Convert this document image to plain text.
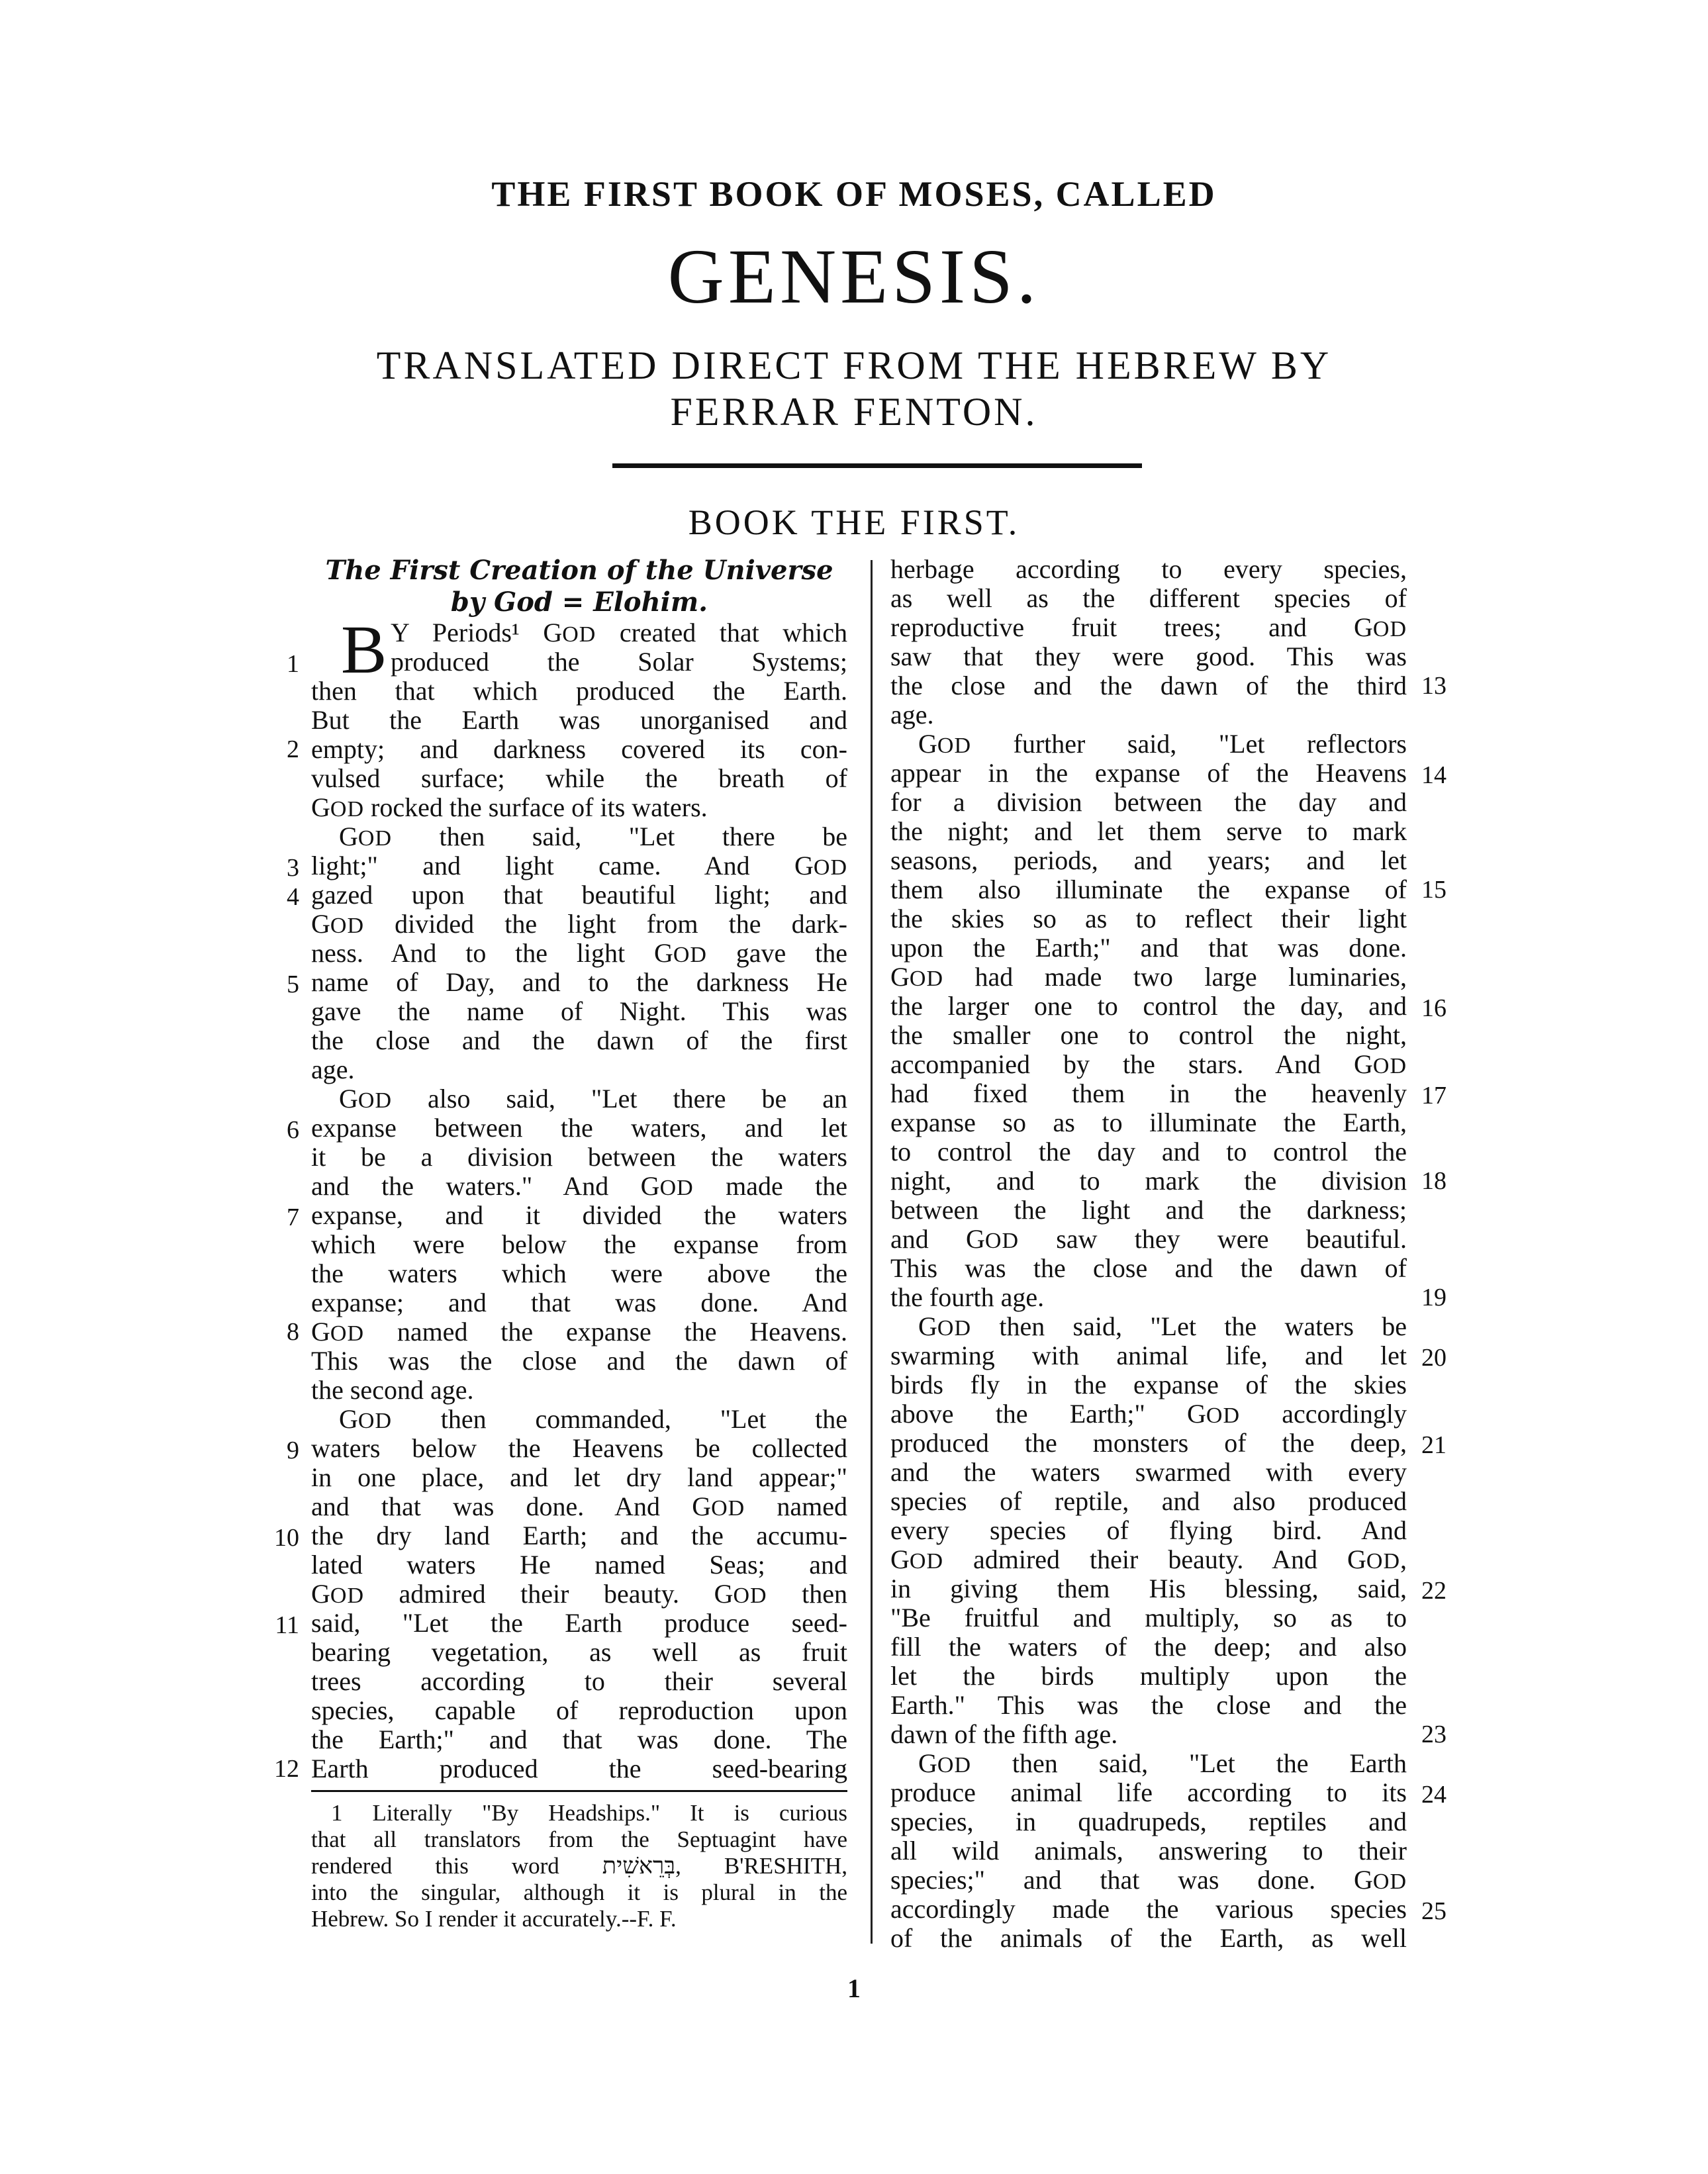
THE FIRST BOOK OF MOSES, CALLED
GENESIS.
TRANSLATED DIRECT FROM THE HEBREW BY
FERRAR FENTON.
BOOK THE FIRST.
The First Creation of the Universe
by God = Elohim.
Y Periods¹ GOD created that which
1	produced the Solar Systems;
then that which produced the Earth.
But the Earth was unorganised and
2 empty; and darkness covered its con-
vulsed surface; while the breath of
GOD rocked the surface of its waters.
GOD then said, "Let there be
3 light;" and light came. And GOD
4 gazed upon that beautiful light; and
GOD divided the light from the dark-
ness. And to the light GOD gave the
5 name of Day, and to the darkness He
gave the name of Night. This was
the close and the dawn of the first
age.
GOD also said, "Let there be an
6 expanse between the waters, and let
it be a division between the waters
and the waters." And GOD made the
7 expanse, and it divided the waters
which were below the expanse from
the waters which were above the
expanse; and that was done. And
8 GOD named the expanse the Heavens.
This was the close and the dawn of
the second age.
GOD then commanded, "Let the
9 waters below the Heavens be collected
in one place, and let dry land appear;"
and that was done. And GOD named
10 the dry land Earth; and the accumu-
lated waters He named Seas; and
GOD admired their beauty. GOD then
11 said, "Let the Earth produce seed-
bearing vegetation, as well as fruit
trees according to their several
species, capable of reproduction upon
the Earth;" and that was done. The
12 Earth produced the seed-bearing
B
1 Literally "By Headships." It is curious
that all translators from the Septuagint have
rendered this word בְּרֵאשִׁית, B'RESHITH,
into the singular, although it is plural in the
Hebrew. So I render it accurately.--F. F.
herbage according to every species,
as well as the different species of
reproductive fruit trees; and GOD
saw that they were good. This was
13
the close and the dawn of the third
age.
GOD further said, "Let reflectors
14
appear in the expanse of the Heavens
for a division between the day and
the night; and let them serve to mark
seasons, periods, and years; and let
15
them also illuminate the expanse of
the skies so as to reflect their light
upon the Earth;" and that was done.
GOD had made two large luminaries,
16
the larger one to control the day, and
the smaller one to control the night,
accompanied by the stars. And GOD
17
had fixed them in the heavenly
expanse so as to illuminate the Earth,
to control the day and to control the
18
night, and to mark the division
between the light and the darkness;
and GOD saw they were beautiful.
This was the close and the dawn of
19
the fourth age.
GOD then said, "Let the waters be
20
swarming with animal life, and let
birds fly in the expanse of the skies
above the Earth;" GOD accordingly
21
produced the monsters of the deep,
and the waters swarmed with every
species of reptile, and also produced
every species of flying bird. And
GOD admired their beauty. And GOD,
22
in giving them His blessing, said,
"Be fruitful and multiply, so as to
fill the waters of the deep; and also
let the birds multiply upon the
Earth." This was the close and the
23
dawn of the fifth age.
GOD then said, "Let the Earth
24
produce animal life according to its
species, in quadrupeds, reptiles and
all wild animals, answering to their
species;" and that was done. GOD
25
accordingly made the various species
of the animals of the Earth, as well
1
